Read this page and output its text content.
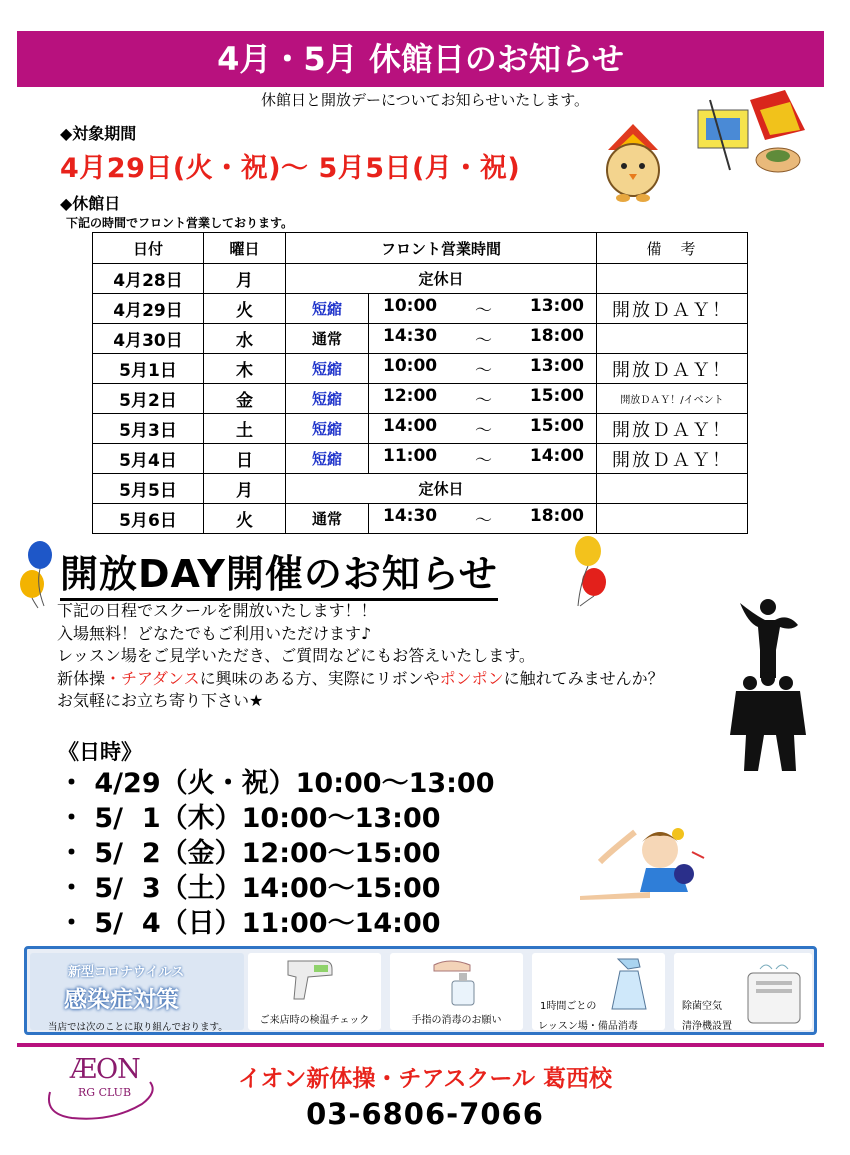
4月・5月 休館日のお知らせ
休館日と開放デーについてお知らせいたします。
◆対象期間
4月29日(火・祝)〜 5月5日(月・祝)
◆休館日
下記の時間でフロント営業しております。
日付	曜日	フロント営業時間		備　考
4月28日	月	定休日		
4月29日	火	短縮	10:00 〜 13:00	開放ＤＡＹ！
4月30日	水	通常	14:30 〜 18:00	

5月1日	木	短縮	10:00 〜 13:00	開放ＤＡＹ！
5月2日	金	短縮	12:00 〜 15:00	開放ＤＡＹ！/イベント
5月3日	土	短縮	14:00 〜 15:00	開放ＤＡＹ！
5月4日	日	短縮	11:00 〜 14:00	開放ＤＡＹ！
5月5日	月	定休日		
5月6日	火	通常	14:30 〜 18:00	

開放DAY開催のお知らせ
下記の日程でスクールを開放いたします！！
入場無料！どなたでもご利用いただけます♪
レッスン場をご見学いただき、ご質問などにもお答えいたします。
新体操・チアダンスに興味のある方、実際にリボンやポンポンに触れてみませんか？
お気軽にお立ち寄り下さい★
《日時》
・ 4/29（火・祝）10:00〜13:00
・ 5/  1（木）10:00〜13:00
・ 5/  2（金）12:00〜15:00
・ 5/  3（土）14:00〜15:00
・ 5/  4（日）11:00〜14:00
新型コロナウイルス
感染症対策
当店では次のことに取り組んでおります。
ご来店時の検温チェック	手指の消毒のお願い
1時間ごとの
レッスン場・備品消毒
除菌空気
清浄機設置
ÆON
RG CLUB
イオン新体操・チアスクール 葛西校
03-6806-7066
